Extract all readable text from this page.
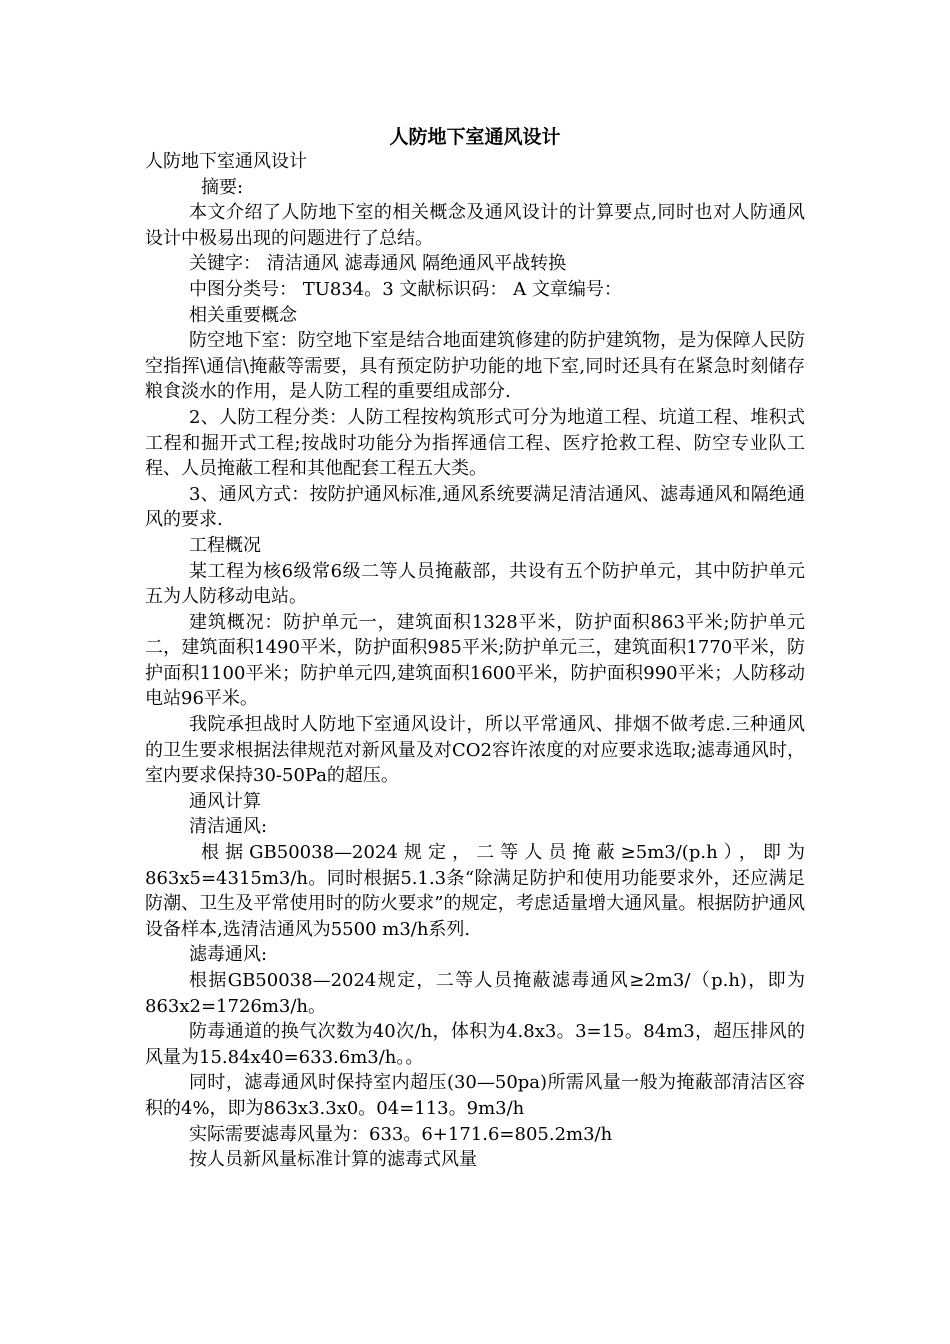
人防地下室通风设计

人防地下室通风设计

摘要:

本文介绍了人防地下室的相关概念及通风设计的计算要点,同时也对人防通风设计中极易出现的问题进行了总结。

关键字： 清洁通风 滤毒通风 隔绝通风平战转换

中图分类号： TU834。3 文献标识码： A 文章编号：

相关重要概念

防空地下室：防空地下室是结合地面建筑修建的防护建筑物，是为保障人民防空指挥\通信\掩蔽等需要，具有预定防护功能的地下室,同时还具有在紧急时刻储存粮食淡水的作用，是人防工程的重要组成部分.

2、人防工程分类：人防工程按构筑形式可分为地道工程、坑道工程、堆积式工程和掘开式工程;按战时功能分为指挥通信工程、医疗抢救工程、防空专业队工程、人员掩蔽工程和其他配套工程五大类。

3、通风方式：按防护通风标准,通风系统要满足清洁通风、滤毒通风和隔绝通风的要求.

工程概况

某工程为核6级常6级二等人员掩蔽部，共设有五个防护单元，其中防护单元五为人防移动电站。

建筑概况：防护单元一，建筑面积1328平米，防护面积863平米;防护单元二，建筑面积1490平米，防护面积985平米;防护单元三，建筑面积1770平米，防护面积1100平米；防护单元四,建筑面积1600平米，防护面积990平米；人防移动电站96平米。

我院承担战时人防地下室通风设计，所以平常通风、排烟不做考虑.三种通风的卫生要求根据法律规范对新风量及对CO2容许浓度的对应要求选取;滤毒通风时，室内要求保持30-50Pa的超压。

通风计算

清洁通风:

根据GB50038—2024规定，二等人员掩蔽≥5m3/(p.h），即为863x5=4315m3/h。同时根据5.1.3条“除满足防护和使用功能要求外，还应满足防潮、卫生及平常使用时的防火要求”的规定，考虑适量增大通风量。根据防护通风设备样本,选清洁通风为5500 m3/h系列.

滤毒通风:

根据GB50038—2024规定，二等人员掩蔽滤毒通风≥2m3/（p.h)，即为863x2=1726m3/h。

防毒通道的换气次数为40次/h，体积为4.8x3。3=15。84m3，超压排风的风量为15.84x40=633.6m3/h。。

同时，滤毒通风时保持室内超压(30—50pa)所需风量一般为掩蔽部清洁区容积的4%，即为863x3.3x0。04=113。9m3/h

实际需要滤毒风量为：633。6+171.6=805.2m3/h

按人员新风量标准计算的滤毒式风量
